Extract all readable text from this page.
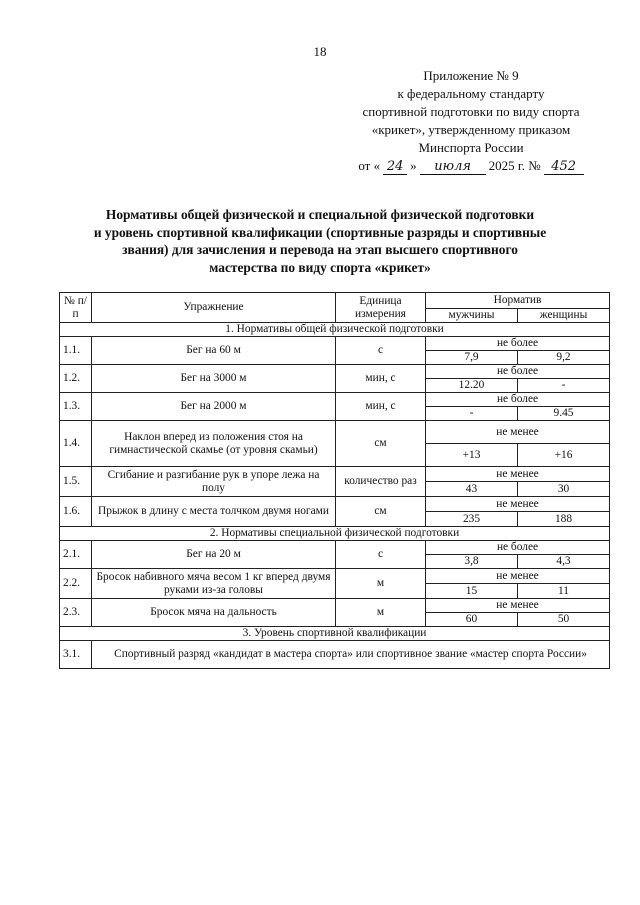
18
Приложение № 9
к федеральному стандарту
спортивной подготовки по виду спорта
«крикет», утвержденному приказом
Минспорта России
от « 24 »	июля	2025 г. № 452
Нормативы общей физической и специальной физической подготовки
и уровень спортивной квалификации (спортивные разряды и спортивные
звания) для зачисления и перевода на этап высшего спортивного
мастерства по виду спорта «крикет»
№ п/п	Упражнение	Единица измерения	Норматив	
			мужчины	женщины
1. Нормативы общей физической подготовки				
1.1.	Бег на 60 м	с	не более	
			7,9	9,2
1.2.	Бег на 3000 м	мин, с	не более	
			12.20	-
1.3.	Бег на 2000 м	мин, с	не более	
			-	9.45
1.4.	Наклон вперед из положения стоя на гимнастической скамье (от уровня скамьи)	см	не менее	
			+13	+16
1.5.	Сгибание и разгибание рук в упоре лежа на полу	количество раз	не менее	
			43	30
1.6.	Прыжок в длину с места толчком двумя ногами	см	не менее	
			235	188
2. Нормативы специальной физической подготовки				
2.1.	Бег на 20 м	с	не более	
			3,8	4,3
2.2.	Бросок набивного мяча весом 1 кг вперед двумя руками из-за головы	м	не менее	
			15	11
2.3.	Бросок мяча на дальность	м	не менее	
			60	50
3. Уровень спортивной квалификации				
3.1.	Спортивный разряд «кандидат в мастера спорта» или спортивное звание «мастер спорта России»			
